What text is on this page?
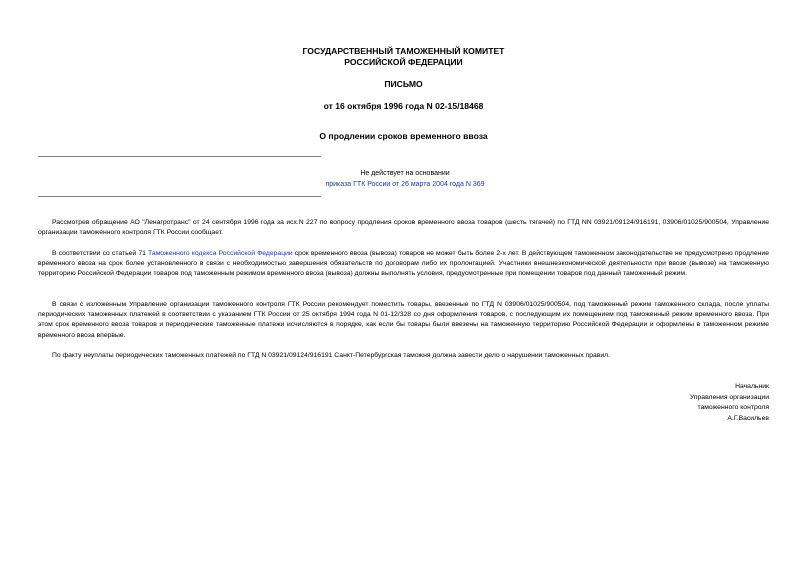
ГОСУДАРСТВЕННЫЙ ТАМОЖЕННЫЙ КОМИТЕТ
РОССИЙСКОЙ ФЕДЕРАЦИИ
ПИСЬМО
от 16 октября 1996 года N 02-15/18468
О продлении сроков временного ввоза
Не действует на основании
приказа ГТК России от 26 марта 2004 года N 369

Рассмотрев обращение АО "Ленагротранс" от 24 сентября 1996 года за исх.N 227 по вопросу продления сроков временного ввоза товаров (шесть тягачей) по ГТД NN 03921/09124/916191, 03906/01025/900504, Управление организации таможенного контроля ГТК России сообщает.

В соответствии со статьей 71 Таможенного кодекса Российской Федерации срок временного ввоза (вывоза) товаров не может быть более 2-х лет. В действующем таможенном законодательстве не предусмотрено продление временного ввоза на срок более установленного в связи с необходимостью завершения обязательств по договорам либо их пролонгацией. Участники внешнеэкономической деятельности при ввозе (вывозе) на таможенную территорию Российской Федерации товаров под таможенным режимом временного ввоза (вывоза) должны выполнять условия, предусмотренные при помещении товаров под данный таможенный режим.

В связи с изложенным Управление организации таможенного контроля ГТК России рекомендует поместить товары, ввезенные по ГТД N 03906/01025/900504, под таможенный режим таможенного склада, после уплаты периодических таможенных платежей в соответствии с указанием ГТК России от 25 октября 1994 года N 01-12/328 со дня оформления товаров, с последующим их помещением под таможенный режим временного ввоза. При этом срок временного ввоза товаров и периодические таможенные платежи исчисляются в порядке, как если бы товары были ввезены на таможенную территорию Российской Федерации и оформлены в таможенном режиме временного ввоза впервые.

По факту неуплаты периодических таможенных платежей по ГТД N 03921/09124/916191 Санкт-Петербургская таможня должна завести дело о нарушении таможенных правил.

Начальник
Управления организации
таможенного контроля
А.Г.Васильев
